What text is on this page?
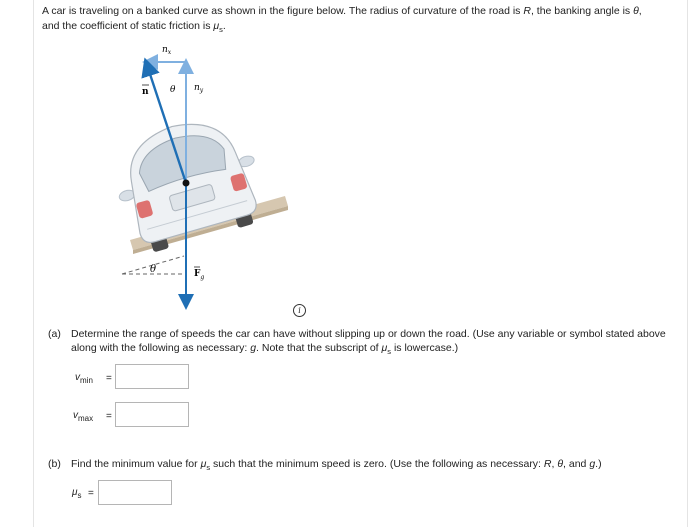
A car is traveling on a banked curve as shown in the figure below. The radius of curvature of the road is R, the banking angle is θ,
and the coefficient of static friction is $\mu_s$.
θ
$n_x$
n θ $n_y$
$F_g$
i
(a) Determine the range of speeds the car can have without slipping up or down the road. (Use any variable or symbol stated above along with the following as necessary: g. Note that the subscript of $\mu_s$ is lowercase.)
$v_{min}$ =
$v_{max}$ =
(b) Find the minimum value for $\mu_s$ such that the minimum speed is zero. (Use the following as necessary: R, θ, and g.)
$\mu_s$ =
